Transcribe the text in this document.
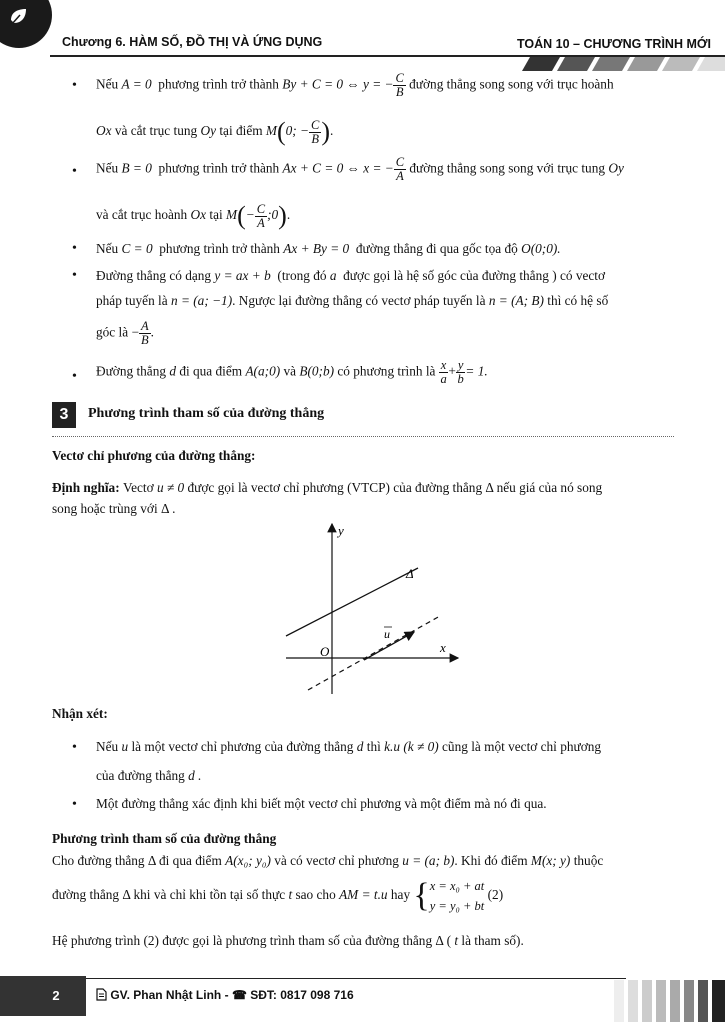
Chương 6. HÀM SỐ, ĐỒ THỊ VÀ ỨNG DỤNG	TOÁN 10 – CHƯƠNG TRÌNH MỚI
•	Nếu A = 0 phương trình trở thành By + C = 0 ⇔ y = − $\frac{C}{B}$ đường thẳng song song với trục hoành
Ox và cắt trục tung Oy tại điểm M(0; − $\frac{C}{B}$ ).
•	Nếu B = 0 phương trình trở thành Ax + C = 0 ⇔ x = − $\frac{C}{A}$ đường thẳng song song với trục tung Oy
và cắt trục hoành Ox tại $M(- \frac{C}{A}$ ;0).
•	Nếu C = 0 phương trình trở thành Ax + By = 0 đường thẳng đi qua gốc tọa độ O(0;0).
•	Đường thẳng có dạng y = ax + b (trong đó a được gọi là hệ số góc của đường thẳng ) có vectơ
pháp tuyến là n = (a; −1). Ngược lại đường thẳng có vectơ pháp tuyến là n = (A; B) thì có hệ số
góc là − $\frac{A}{B}$ .
•	Đường thẳng d đi qua điểm A(a;0) và B(0;b) có phương trình là $\frac{x}{a} + \frac{y}{b} = 1$.
3	Phương trình tham số của đường thẳng
Vectơ chỉ phương của đường thẳng:
Định nghĩa: Vectơ u ≠ 0 được gọi là vectơ chỉ phương (VTCP) của đường thẳng Δ nếu giá của nó song
song hoặc trùng với Δ .
y
x
O
Δ
u
Nhận xét:
•	Nếu u là một vectơ chỉ phương của đường thẳng d thì k.u (k ≠ 0) cũng là một vectơ chỉ phương
của đường thẳng d .
•	Một đường thẳng xác định khi biết một vectơ chỉ phương và một điểm mà nó đi qua.
Phương trình tham số của đường thẳng
Cho đường thẳng Δ đi qua điểm A(x₀; y₀) và có vectơ chỉ phương u = (a; b). Khi đó điểm M(x; y) thuộc
đường thẳng Δ khi và chỉ khi tồn tại số thực t sao cho AM = t.u hay {x = x₀ + at
y = y₀ + bt (2)
Hệ phương trình (2) được gọi là phương trình tham số của đường thẳng Δ ( t là tham số).
2	GV. Phan Nhật Linh - ☎ SĐT: 0817 098 716
